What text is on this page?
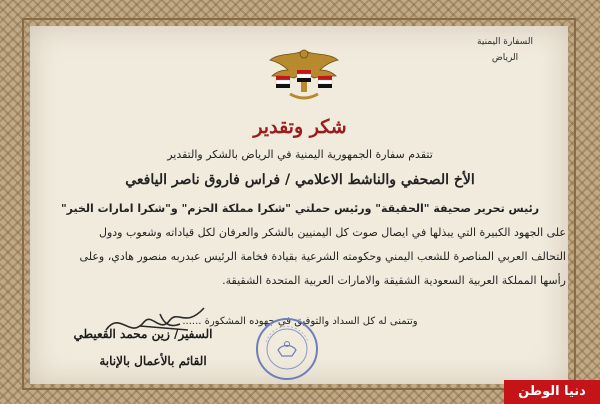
السفارة اليمنية
الرياض
شكر وتقدير
تتقدم سفارة الجمهورية اليمنية في الرياض بالشكر والتقدير
الأخ الصحفي والناشط الاعلامي / فراس فاروق ناصر اليافعي
رئيس تحرير صحيفة "الحقيقة" ورئيس حملتي "شكرا مملكة الحزم" و"شكرا امارات الخير"
على الجهود الكبيرة التي يبذلها في ايصال صوت كل اليمنيين بالشكر والعرفان لكل قياداته وشعوب ودول
التحالف العربي المناصرة للشعب اليمني وحكومته الشرعية بقيادة فخامة الرئيس عبدربه منصور هادي، وعلى
رأسها المملكة العربية السعودية الشقيقة والامارات العربية المتحدة الشقيقة.
وتتمنى له كل السداد والتوفيق في جهوده المشكورة ......
السفير/ زين محمد القعيطي
القائم بالأعمال بالإنابة
دنيا الوطن
